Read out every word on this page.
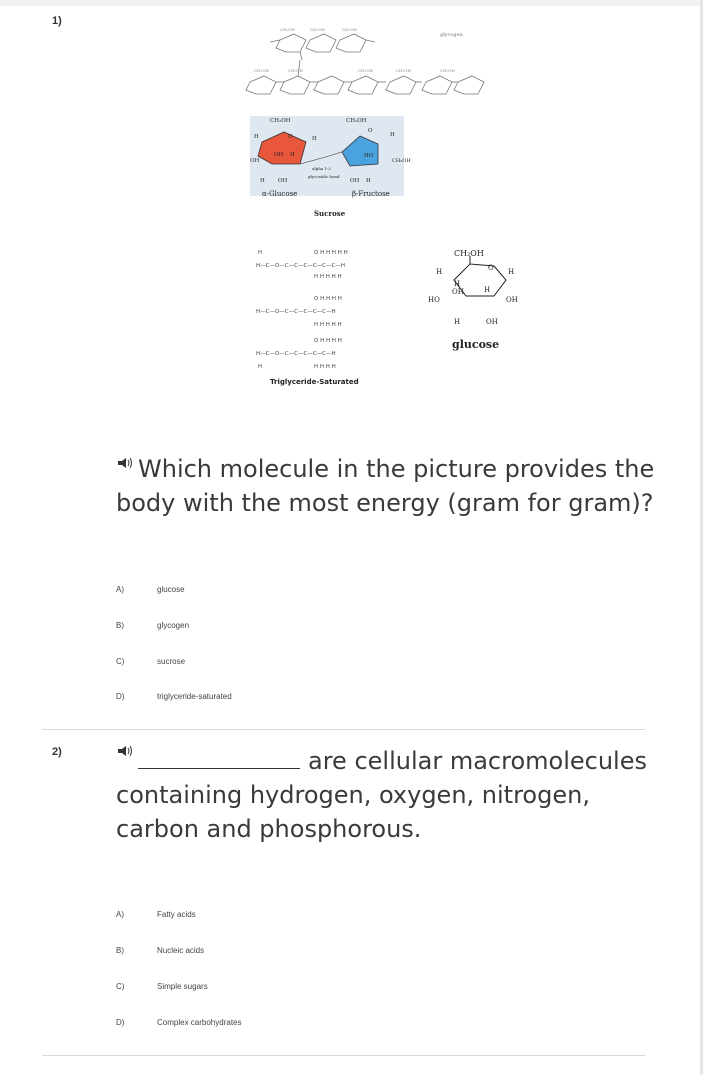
1)
CH₂OH	CH₂OH	CH₂OH
CH₂OH	CH₂OH	CH₂OH	CH₂OH	CH₂OH
glycogen
CH₂OH	CH₂OH
CH₂OH
H	O	H
OH
OH H
H OH
O
H
HO
OH H
alpha 1-2
glycosidic bond
α-Glucose	β-Fructose
Sucrose
H
H—C—O—C—C—C—C—C—C—H
O H H H H H
H H H H H
O H H H H
H—C—O—C—C—C—C—C—H
H H H H H
O H H H H
H—C—O—C—C—C—C—C—H
H	H H H H
Triglyceride-Saturated
CH₂OH
O H
H
H
OH	H
HO	OH
H	OH
glucose
Which molecule in the picture provides the body with the most energy (gram for gram)?
A)	glucose
B)	glycogen
C)	sucrose
D)	triglyceride-saturated
2)	are cellular macromolecules containing hydrogen, oxygen, nitrogen, carbon and phosphorous.
A)	Fatty acids
B)	Nucleic acids
C)	Simple sugars
D)	Complex carbohydrates
